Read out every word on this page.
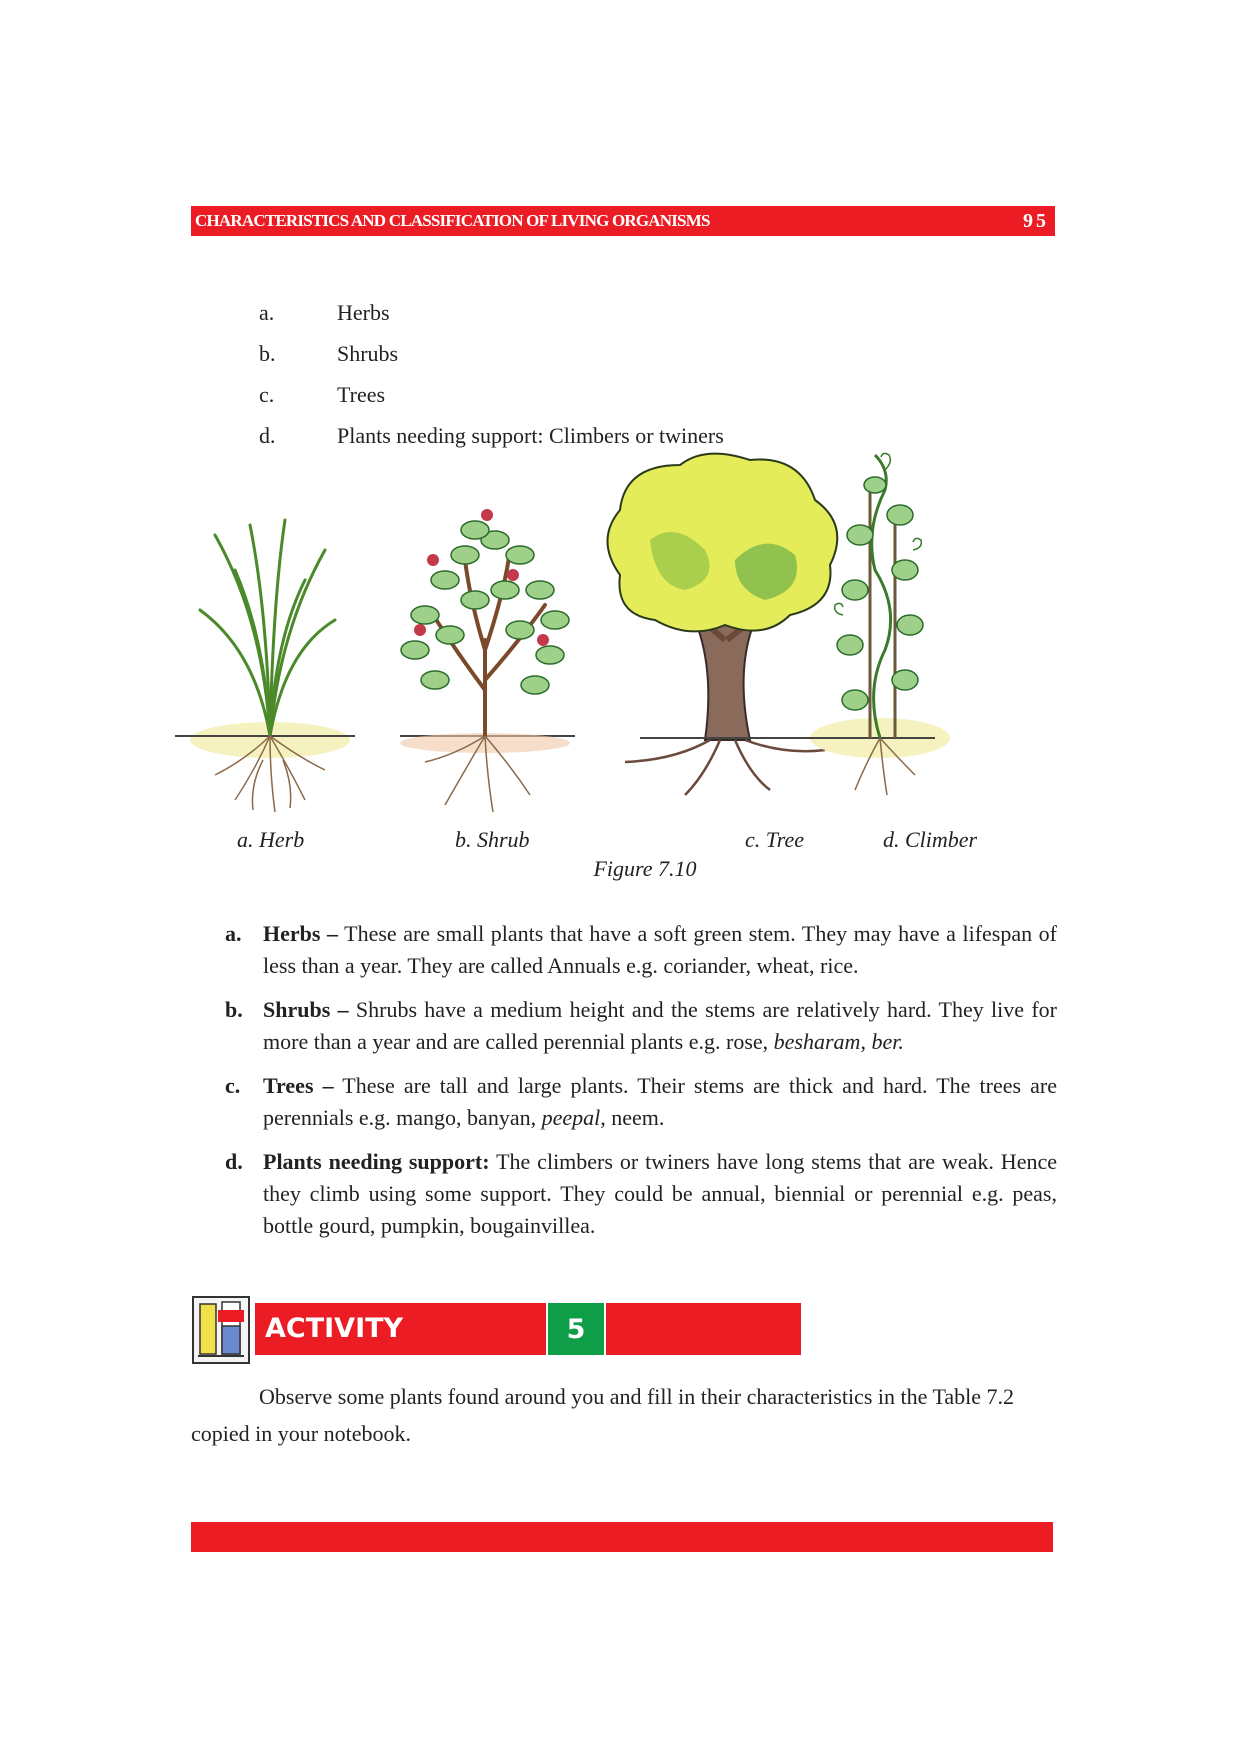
CHARACTERISTICS AND CLASSIFICATION OF LIVING ORGANISMS	95
a.	Herbs
b.	Shrubs
c.	Trees
d.	Plants needing support: Climbers or twiners
a. Herb	b. Shrub	c. Tree	d. Climber
Figure 7.10
a. Herbs – These are small plants that have a soft green stem. They may have a lifespan of less than a year. They are called Annuals e.g. coriander, wheat, rice.
b. Shrubs – Shrubs have a medium height and the stems are relatively hard. They live for more than a year and are called perennial plants e.g. rose, besharam, ber.
c.	Trees – These are tall and large plants. Their stems are thick and hard. The trees are perennials e.g. mango, banyan, peepal, neem.
d. Plants needing support: The climbers or twiners have long stems that are weak. Hence they climb using some support. They could be annual, biennial or perennial e.g. peas, bottle gourd, pumpkin, bougainvillea.
ACTIVITY	5

Observe some plants found around you and fill in their characteristics in the Table 7.2 copied in your notebook.
